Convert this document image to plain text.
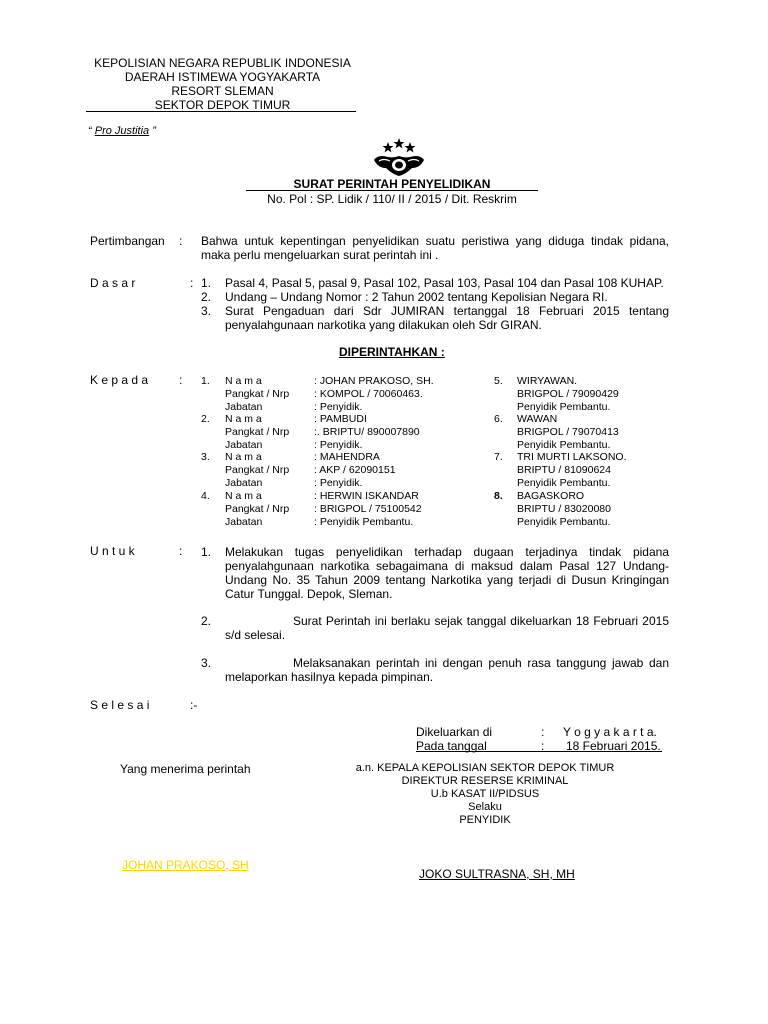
KEPOLISIAN NEGARA REPUBLIK INDONESIA
DAERAH ISTIMEWA YOGYAKARTA
RESORT SLEMAN
SEKTOR DEPOK TIMUR
“ Pro Justitia ”
SURAT PERINTAH PENYELIDIKAN
No. Pol : SP. Lidik / 110/ II / 2015 / Dit. Reskrim
Pertimbangan : Bahwa untuk kepentingan penyelidikan suatu peristiwa yang diduga tindak pidana, maka perlu mengeluarkan surat perintah ini .
D a s a r	: 1. Pasal 4, Pasal 5, pasal 9, Pasal 102, Pasal 103, Pasal 104 dan Pasal 108 KUHAP.
2. Undang – Undang Nomor : 2 Tahun 2002 tentang Kepolisian Negara RI.
3. Surat Pengaduan dari Sdr JUMIRAN tertanggal 18 Februari 2015 tentang penyalahgunaan narkotika yang dilakukan oleh Sdr GIRAN.
DIPERINTAHKAN :
K e p a d a	: 1. N a m a	: JOHAN PRAKOSO, SH.
Pangkat / Nrp : KOMPOL / 70060463.
Jabatan	: Penyidik.
2. N a m a	: PAMBUDI
Pangkat / Nrp :. BRIPTU/ 890007890
Jabatan	: Penyidik.
3. N a m a	: MAHENDRA
Pangkat / Nrp : AKP / 62090151
Jabatan	: Penyidik.
4. N a m a	: HERWIN ISKANDAR
Pangkat / Nrp : BRIGPOL / 75100542
Jabatan	: Penyidik Pembantu.
5. WIRYAWAN.
BRIGPOL / 79090429
Penyidik Pembantu.
6. WAWAN
BRIGPOL / 79070413
Penyidik Pembantu.
7. TRI MURTI LAKSONO.
BRIPTU / 81090624
Penyidik Pembantu.
8. BAGASKORO
BRIPTU / 83020080
Penyidik Pembantu.
U n t u k	: 1. Melakukan tugas penyelidikan terhadap dugaan terjadinya tindak pidana penyalahgunaan narkotika sebagaimana di maksud dalam Pasal 127 Undang-Undang No. 35 Tahun 2009 tentang Narkotika yang terjadi di Dusun Kringingan Catur Tunggal. Depok, Sleman.
2.	Surat Perintah ini berlaku sejak tanggal dikeluarkan 18 Februari 2015 s/d selesai.
3.	Melaksanakan perintah ini dengan penuh rasa tanggung jawab dan melaporkan hasilnya kepada pimpinan.
S e l e s a i	:-
Dikeluarkan di	: Y o g y a k a r t a.
Pada tanggal	: 18 Februari 2015.
Yang menerima perintah	a.n. KEPALA KEPOLISIAN SEKTOR DEPOK TIMUR
DIREKTUR RESERSE KRIMINAL
U.b KASAT II/PIDSUS
Selaku
PENYIDIK
JOHAN PRAKOSO, SH
JOKO SULTRASNA, SH, MH
